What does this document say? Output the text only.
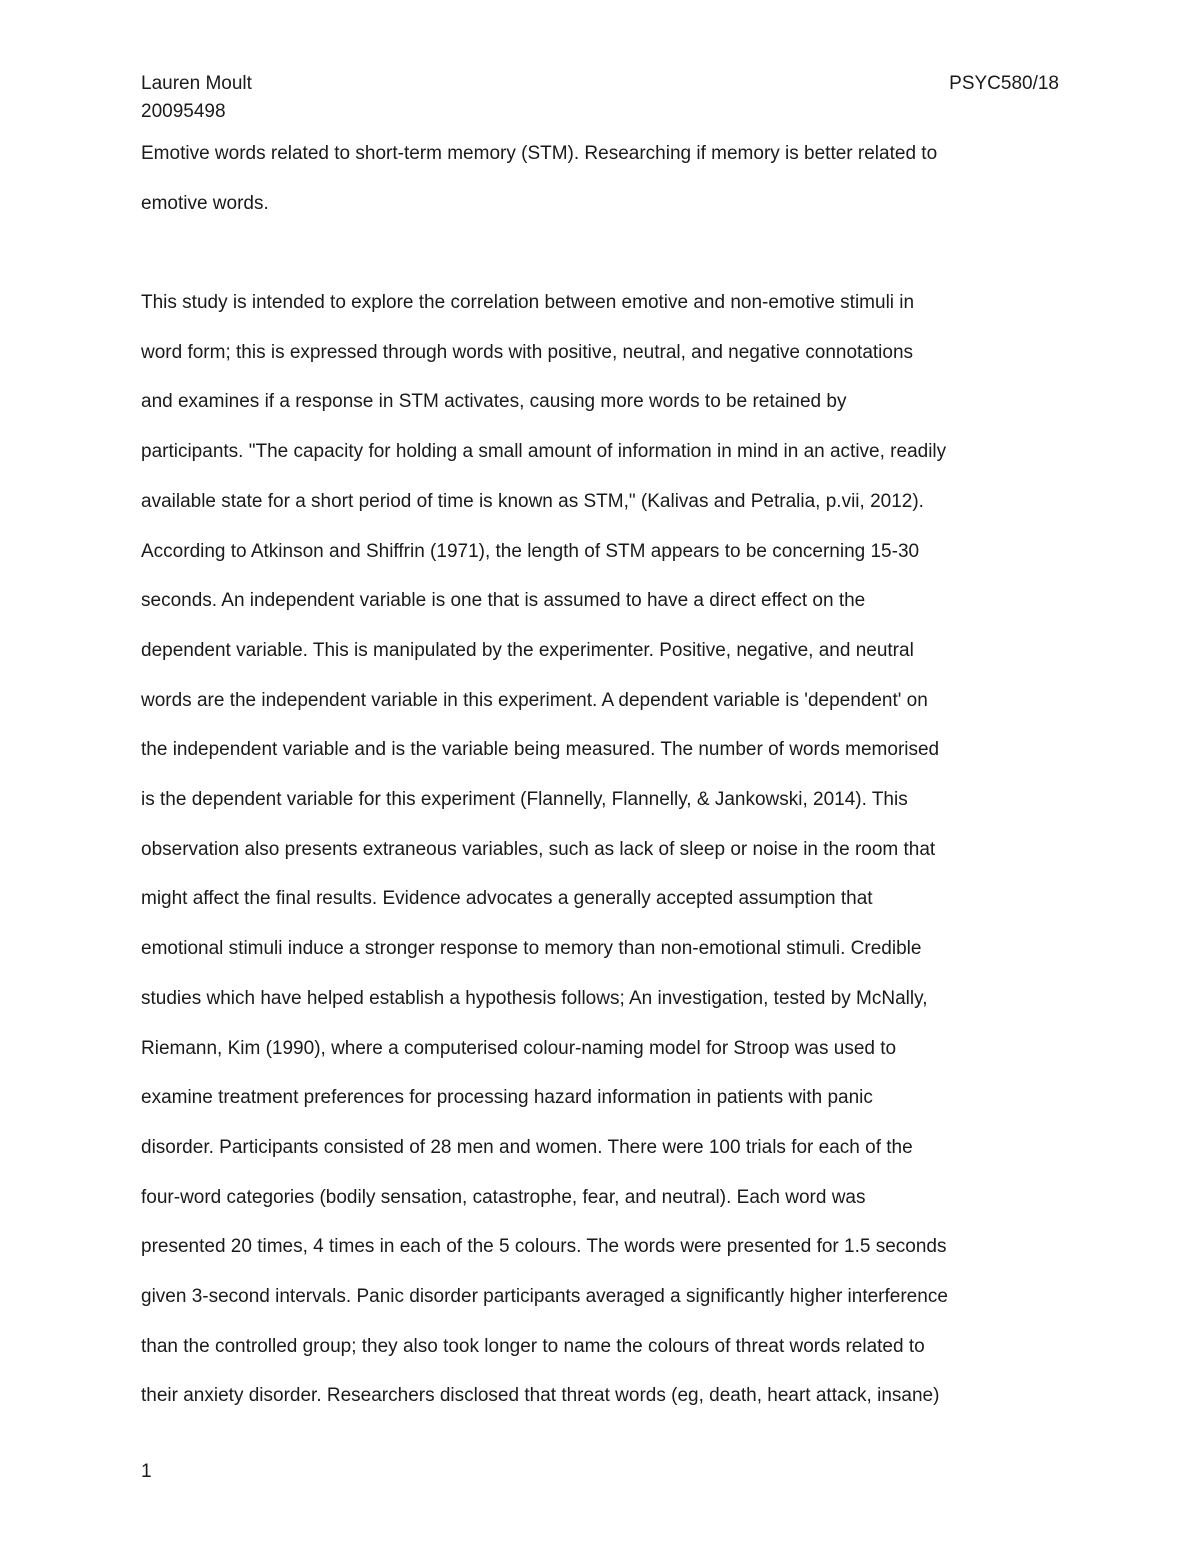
Lauren Moult	PSYC580/18
20095498
Emotive words related to short-term memory (STM). Researching if memory is better related to
emotive words.
This study is intended to explore the correlation between emotive and non-emotive stimuli in
word form; this is expressed through words with positive, neutral, and negative connotations
and examines if a response in STM activates, causing more words to be retained by
participants. "The capacity for holding a small amount of information in mind in an active, readily
available state for a short period of time is known as STM," (Kalivas and Petralia, p.vii, 2012).
According to Atkinson and Shiffrin (1971), the length of STM appears to be concerning 15-30
seconds. An independent variable is one that is assumed to have a direct effect on the
dependent variable. This is manipulated by the experimenter. Positive, negative, and neutral
words are the independent variable in this experiment. A dependent variable is 'dependent' on
the independent variable and is the variable being measured. The number of words memorised
is the dependent variable for this experiment (Flannelly, Flannelly, & Jankowski, 2014). This
observation also presents extraneous variables, such as lack of sleep or noise in the room that
might affect the final results. Evidence advocates a generally accepted assumption that
emotional stimuli induce a stronger response to memory than non-emotional stimuli. Credible
studies which have helped establish a hypothesis follows; An investigation, tested by McNally,
Riemann, Kim (1990), where a computerised colour-naming model for Stroop was used to
examine treatment preferences for processing hazard information in patients with panic
disorder. Participants consisted of 28 men and women. There were 100 trials for each of the
four-word categories (bodily sensation, catastrophe, fear, and neutral). Each word was
presented 20 times, 4 times in each of the 5 colours. The words were presented for 1.5 seconds
given 3-second intervals. Panic disorder participants averaged a significantly higher interference
than the controlled group; they also took longer to name the colours of threat words related to
their anxiety disorder. Researchers disclosed that threat words (eg, death, heart attack, insane)
1
